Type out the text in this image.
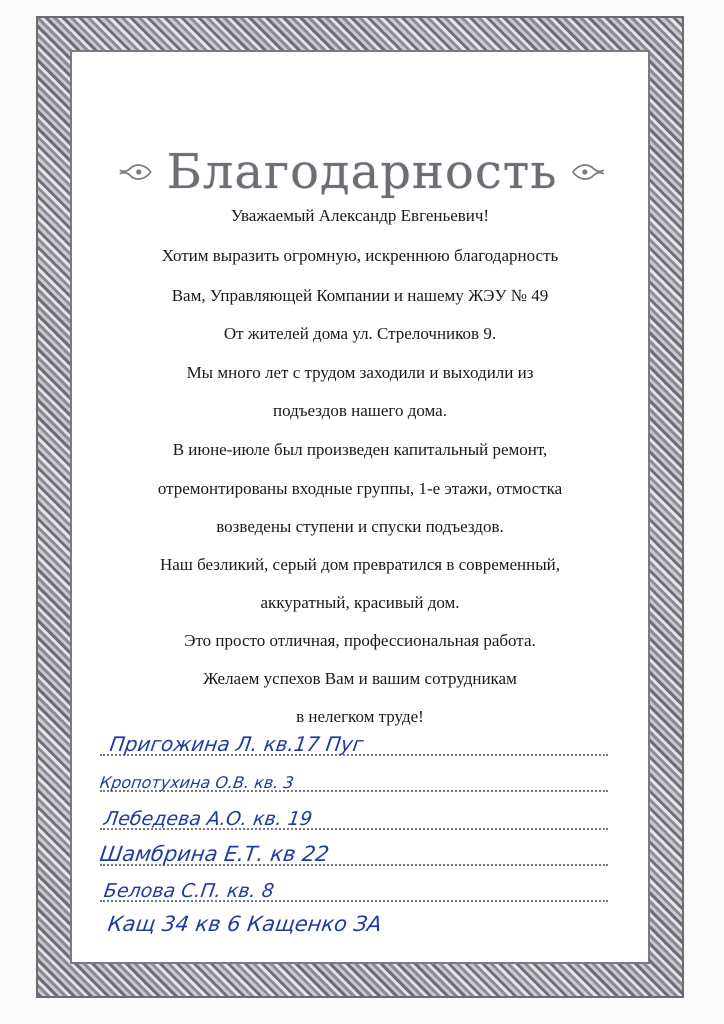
Благодарность
Уважаемый Александр Евгеньевич!
Хотим выразить огромную, искреннюю благодарность
Вам, Управляющей Компании и нашему ЖЭУ № 49
От жителей дома ул. Стрелочников 9.
Мы много лет с трудом заходили и выходили из
подъездов нашего дома.
В июне-июле был произведен капитальный ремонт,
отремонтированы входные группы, 1-е этажи, отмостка
возведены ступени и спуски подъездов.
Наш безликий, серый дом превратился в современный,
аккуратный, красивый дом.
Это просто отличная, профессиональная работа.
Желаем успехов Вам и вашим сотрудникам
в нелегком труде!
Пригожина Л. кв.17 Пуг
Кропотухина О.В. кв. 3
Лебедева А.О. кв. 19
Шамбрина Е.Т. кв 22
Белова С.П. кв. 8
Кащ 34 кв 6 Кащенко ЗА
